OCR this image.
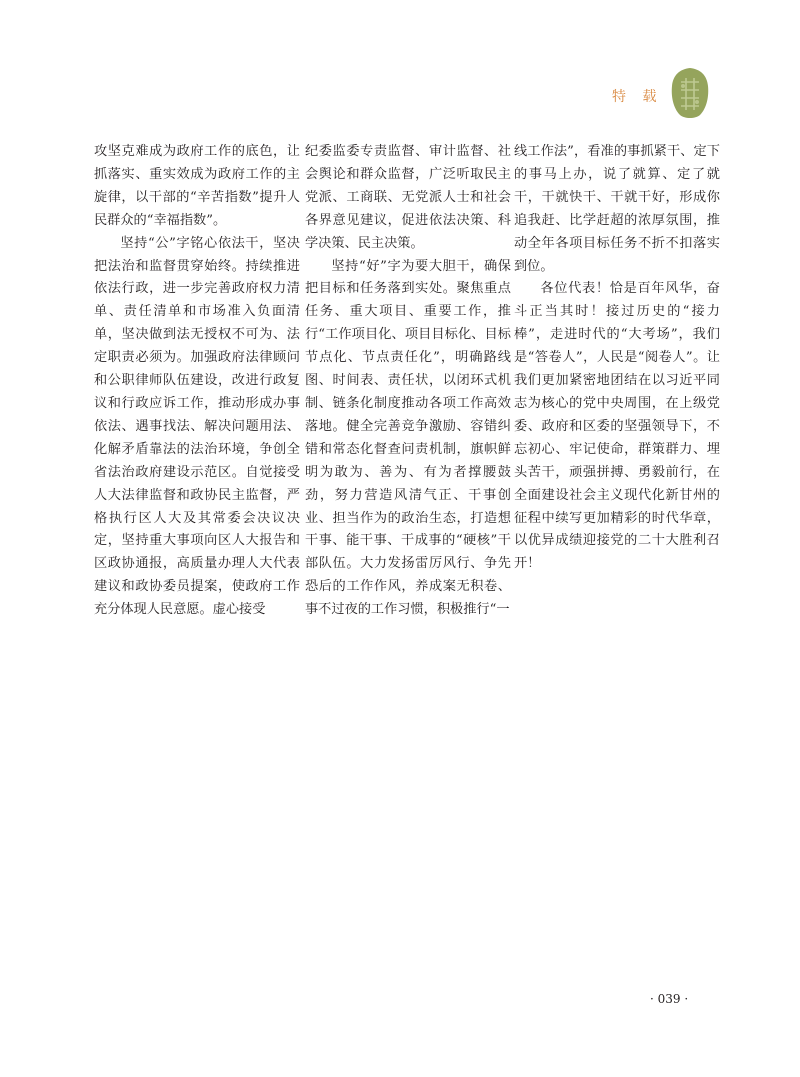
特 载

攻坚克难成为政府工作的底色，让抓落实、重实效成为政府工作的主旋律，以干部的“辛苦指数”提升人民群众的“幸福指数”。

坚持“公”字铭心依法干，坚决把法治和监督贯穿始终。持续推进依法行政，进一步完善政府权力清单、责任清单和市场准入负面清单，坚决做到法无授权不可为、法定职责必须为。加强政府法律顾问和公职律师队伍建设，改进行政复议和行政应诉工作，推动形成办事依法、遇事找法、解决问题用法、化解矛盾靠法的法治环境，争创全省法治政府建设示范区。自觉接受人大法律监督和政协民主监督，严格执行区人大及其常委会决议决定，坚持重大事项向区人大报告和区政协通报，高质量办理人大代表建议和政协委员提案，使政府工作充分体现人民意愿。虚心接受

纪委监委专责监督、审计监督、社会舆论和群众监督，广泛听取民主党派、工商联、无党派人士和社会各界意见建议，促进依法决策、科学决策、民主决策。

坚持“好”字为要大胆干，确保把目标和任务落到实处。聚焦重点任务、重大项目、重要工作，推行“工作项目化、项目目标化、目标节点化、节点责任化”，明确路线图、时间表、责任状，以闭环式机制、链条化制度推动各项工作高效落地。健全完善竞争激励、容错纠错和常态化督查问责机制，旗帜鲜明为敢为、善为、有为者撑腰鼓劲，努力营造风清气正、干事创业、担当作为的政治生态，打造想干事、能干事、干成事的“硬核”干部队伍。大力发扬雷厉风行、争先恐后的工作作风，养成案无积卷、事不过夜的工作习惯，积极推行“一

线工作法”，看准的事抓紧干、定下的事马上办，说了就算、定了就干，干就快干、干就干好，形成你追我赶、比学赶超的浓厚氛围，推动全年各项目标任务不折不扣落实到位。

各位代表！恰是百年风华，奋斗正当其时！接过历史的“接力棒”，走进时代的“大考场”，我们是“答卷人”，人民是“阅卷人”。让我们更加紧密地团结在以习近平同志为核心的党中央周围，在上级党委、政府和区委的坚强领导下，不忘初心、牢记使命，群策群力、埋头苦干，顽强拼搏、勇毅前行，在全面建设社会主义现代化新甘州的征程中续写更加精彩的时代华章，以优异成绩迎接党的二十大胜利召开！

· 039 ·
